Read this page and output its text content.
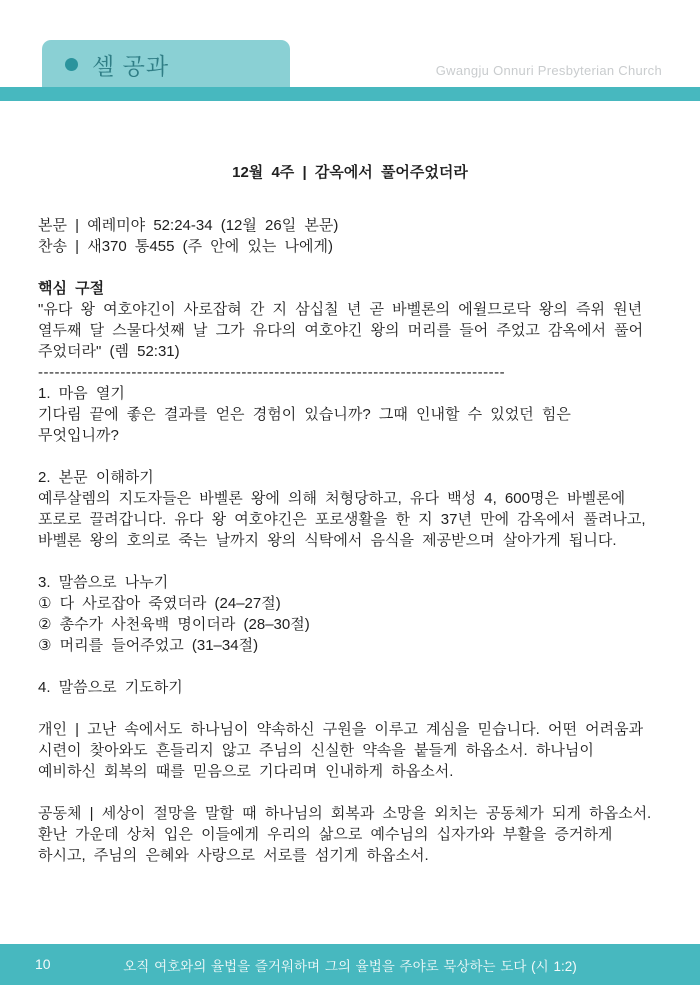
셀 공과	Gwangju Onnuri Presbyterian Church
12월 4주 | 감옥에서 풀어주었더라
본문 | 예레미야 52:24-34 (12월 26일 본문)
찬송 | 새370 통455 (주 안에 있는 나에게)
핵심 구절
"유다 왕 여호야긴이 사로잡혀 간 지 삼십칠 년 곧 바벨론의 에윌므로닥 왕의 즉위 원년
열두째 달 스물다섯째 날 그가 유다의 여호야긴 왕의 머리를 들어 주었고 감옥에서 풀어
주었더라" (렘 52:31)
-------------------------------------------------------------------------------------
1. 마음 열기
기다림 끝에 좋은 결과를 얻은 경험이 있습니까? 그때 인내할 수 있었던 힘은
무엇입니까?
2. 본문 이해하기
예루살렘의 지도자들은 바벨론 왕에 의해 처형당하고, 유다 백성 4, 600명은 바벨론에
포로로 끌려갑니다. 유다 왕 여호야긴은 포로생활을 한 지 37년 만에 감옥에서 풀려나고,
바벨론 왕의 호의로 죽는 날까지 왕의 식탁에서 음식을 제공받으며 살아가게 됩니다.
3. 말씀으로 나누기
① 다 사로잡아 죽였더라 (24–27절)
② 총수가 사천육백 명이더라 (28–30절)
③ 머리를 들어주었고 (31–34절)
4. 말씀으로 기도하기
개인 | 고난 속에서도 하나님이 약속하신 구원을 이루고 계심을 믿습니다. 어떤 어려움과
시련이 찾아와도 흔들리지 않고 주님의 신실한 약속을 붙들게 하옵소서. 하나님이
예비하신 회복의 때를 믿음으로 기다리며 인내하게 하옵소서.
공동체 | 세상이 절망을 말할 때 하나님의 회복과 소망을 외치는 공동체가 되게 하옵소서.
환난 가운데 상처 입은 이들에게 우리의 삶으로 예수님의 십자가와 부활을 증거하게
하시고, 주님의 은혜와 사랑으로 서로를 섬기게 하옵소서.
10	오직 여호와의 율법을 즐거워하며 그의 율법을 주야로 묵상하는 도다 (시 1:2)
